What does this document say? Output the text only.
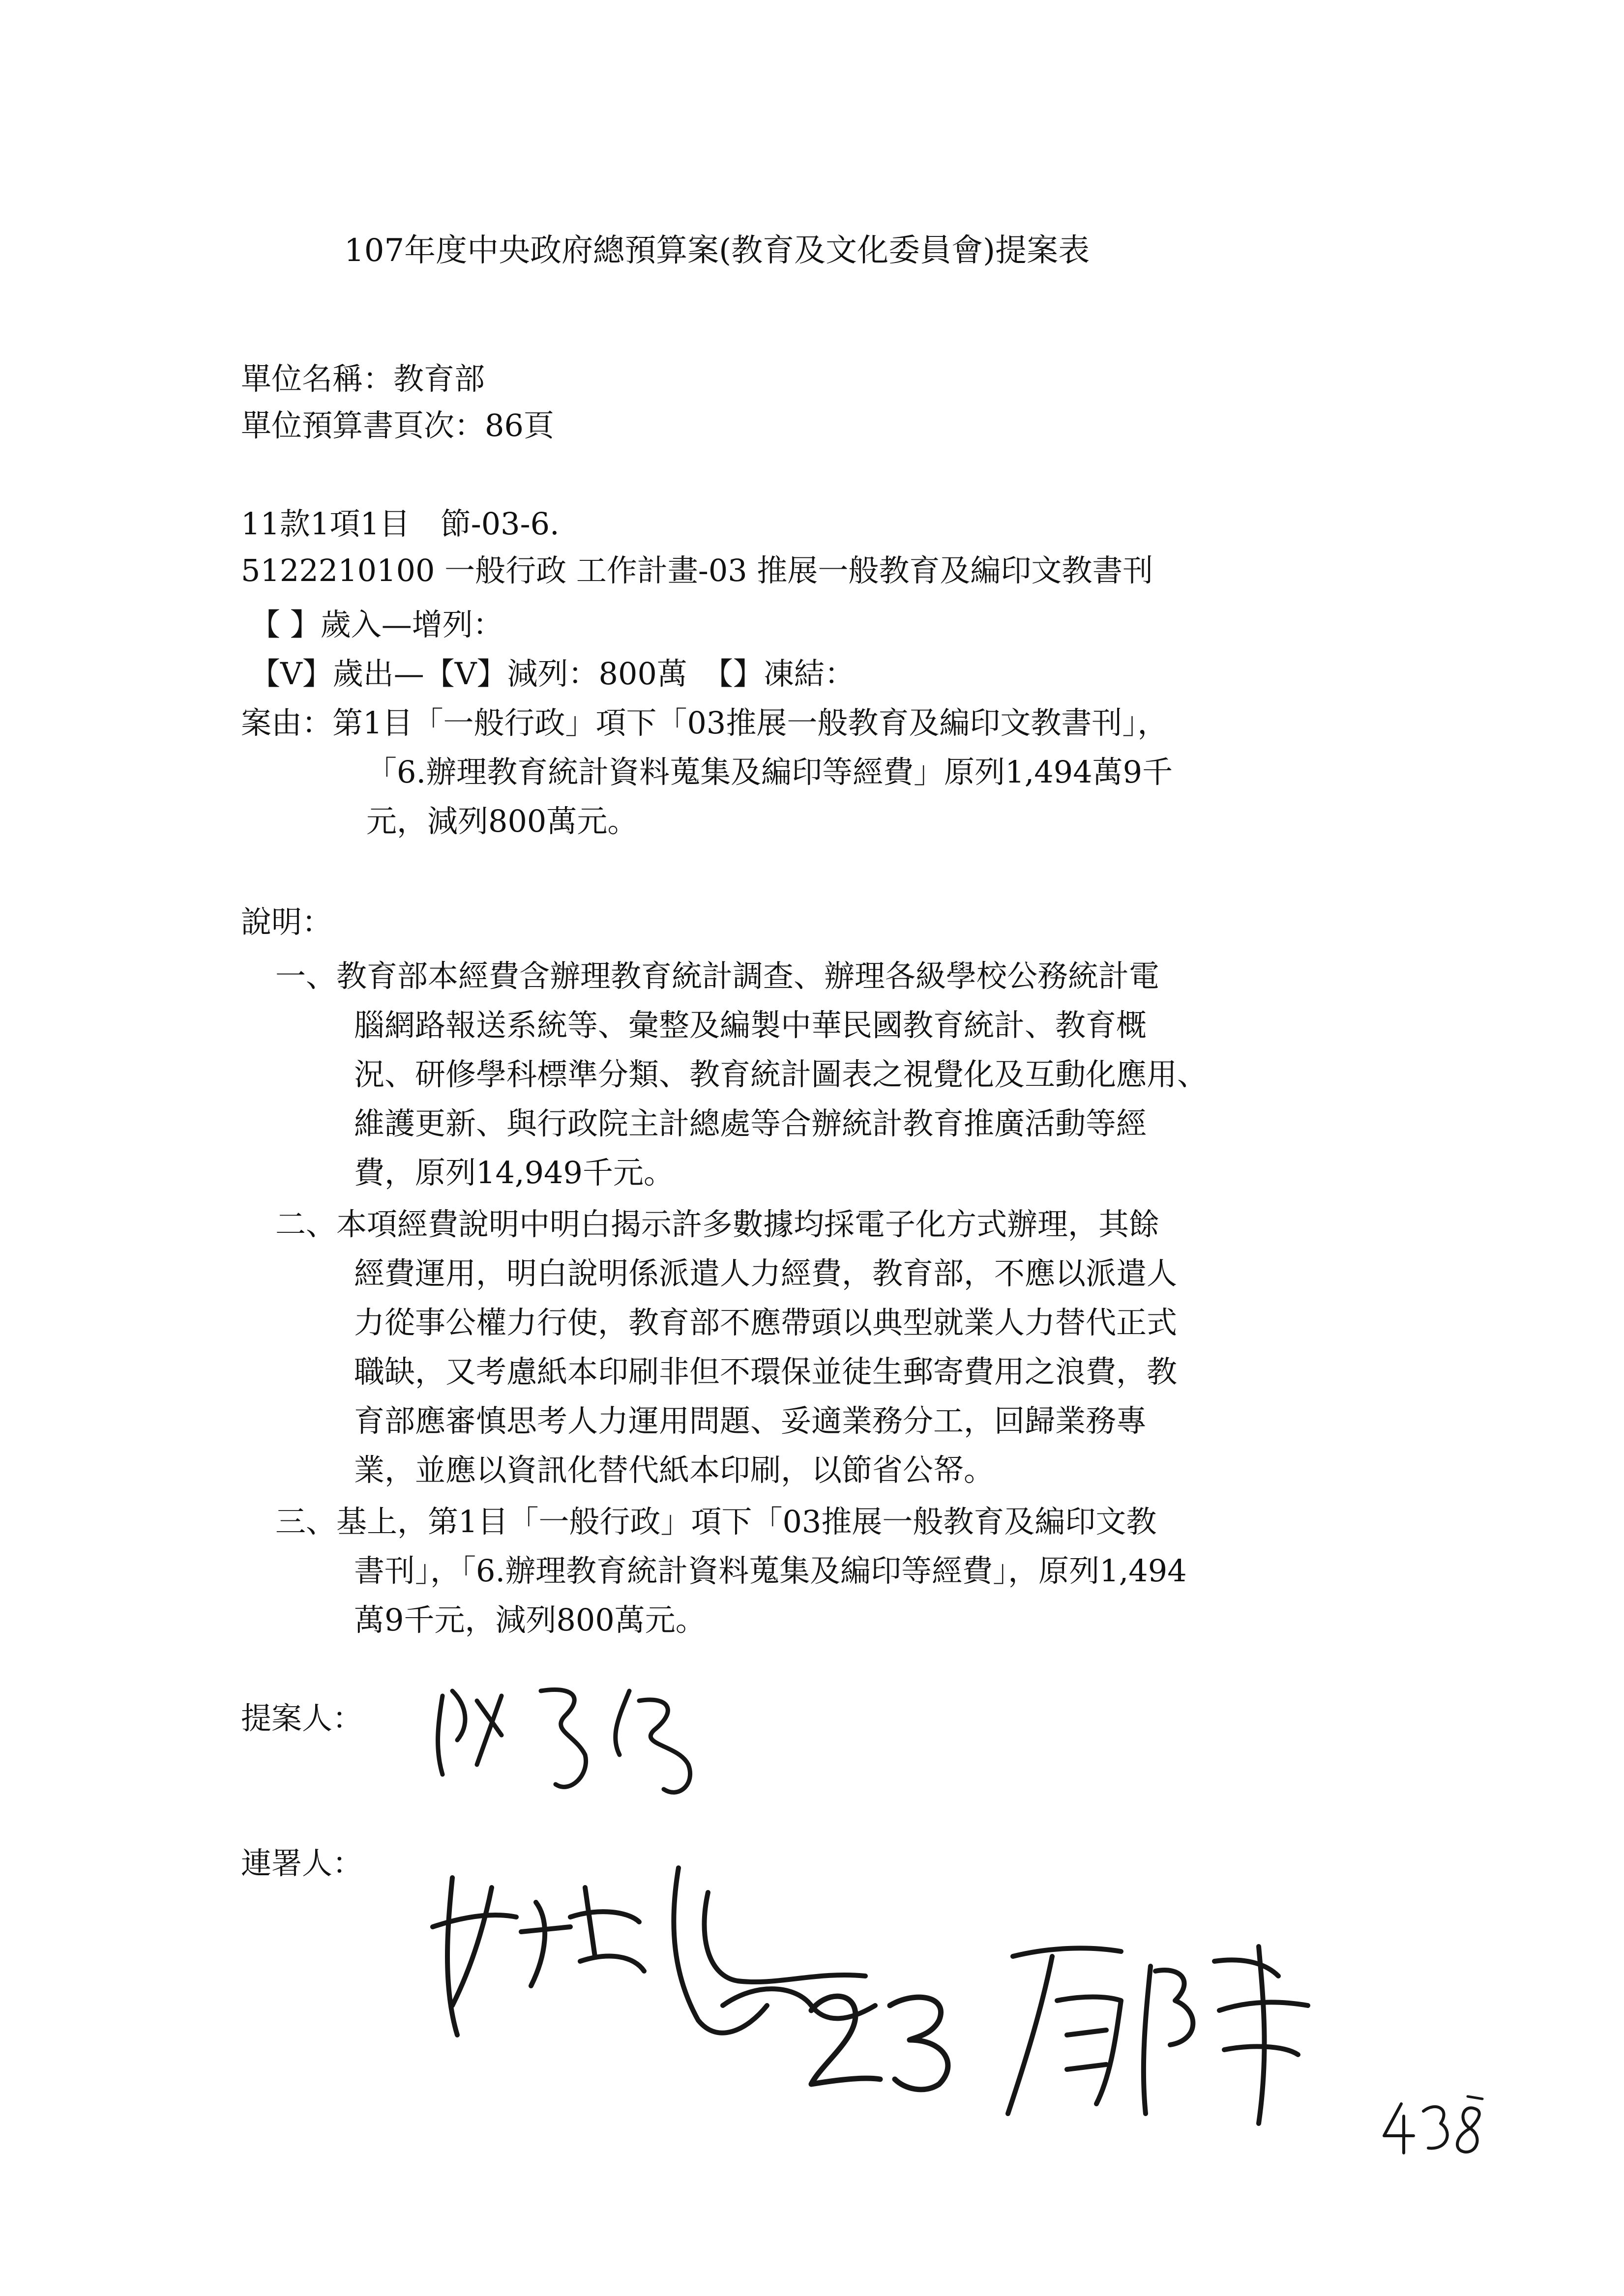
107年度中央政府總預算案(教育及文化委員會)提案表
單位名稱：教育部
單位預算書頁次：86頁
11款1項1目　節-03-6.
5122210100 一般行政 工作計畫-03 推展一般教育及編印文教書刊
【 】歲入—增列：
【V】歲出—【V】減列：800萬　【】凍結：
案由：第1目「一般行政」項下「03推展一般教育及編印文教書刊」，
「6.辦理教育統計資料蒐集及編印等經費」原列1,494萬9千
元，減列800萬元。
說明：
一、教育部本經費含辦理教育統計調查、辦理各級學校公務統計電
腦網路報送系統等、彙整及編製中華民國教育統計、教育概
況、研修學科標準分類、教育統計圖表之視覺化及互動化應用、
維護更新、與行政院主計總處等合辦統計教育推廣活動等經
費，原列14,949千元。
二、本項經費說明中明白揭示許多數據均採電子化方式辦理，其餘
經費運用，明白說明係派遣人力經費，教育部，不應以派遣人
力從事公權力行使，教育部不應帶頭以典型就業人力替代正式
職缺，又考慮紙本印刷非但不環保並徒生郵寄費用之浪費，教
育部應審慎思考人力運用問題、妥適業務分工，回歸業務專
業，並應以資訊化替代紙本印刷，以節省公帑。
三、基上，第1目「一般行政」項下「03推展一般教育及編印文教
書刊」，「6.辦理教育統計資料蒐集及編印等經費」，原列1,494
萬9千元，減列800萬元。
提案人：
連署人：
